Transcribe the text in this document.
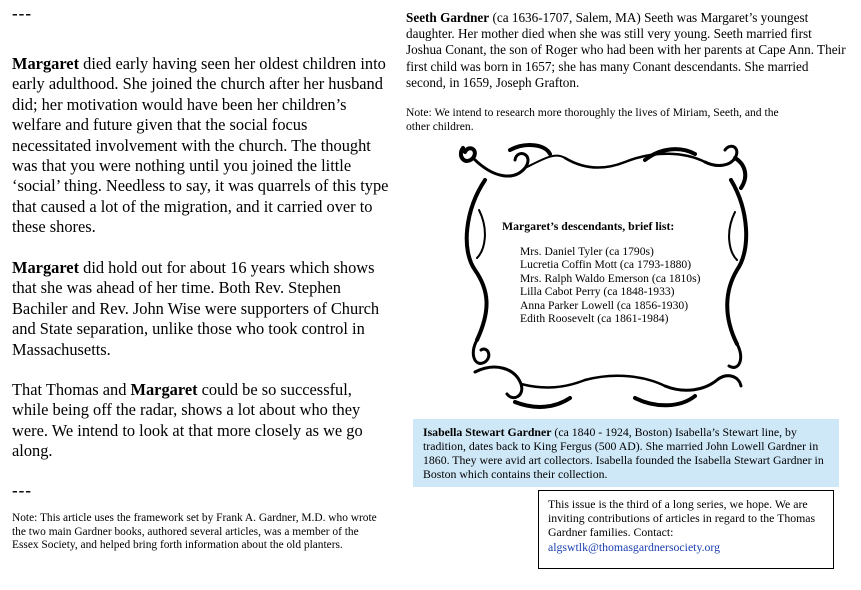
---
Margaret died early having seen her oldest children into early adulthood. She joined the church after her husband did; her motivation would have been her children’s welfare and future given that the social focus necessitated involvement with the church. The thought was that you were nothing until you joined the little ‘social’ thing. Needless to say, it was quarrels of this type that caused a lot of the migration, and it carried over to these shores.
Margaret did hold out for about 16 years which shows that she was ahead of her time. Both Rev. Stephen Bachiler and Rev. John Wise were supporters of Church and State separation, unlike those who took control in Massachusetts.
That Thomas and Margaret could be so successful, while being off the radar, shows a lot about who they were. We intend to look at that more closely as we go along.
---
Note: This article uses the framework set by Frank A. Gardner, M.D. who wrote the two main Gardner books, authored several articles, was a member of the Essex Society, and helped bring forth information about the old planters.
Seeth Gardner (ca 1636-1707, Salem, MA) Seeth was Margaret’s youngest daughter. Her mother died when she was still very young. Seeth married first Joshua Conant, the son of Roger who had been with her parents at Cape Ann. Their first child was born in 1657; she has many Conant descendants. She married second, in 1659, Joseph Grafton.
Note: We intend to research more thoroughly the lives of Miriam, Seeth, and the other children.
Margaret’s descendants, brief list:
Mrs. Daniel Tyler (ca 1790s)
Lucretia Coffin Mott (ca 1793-1880)
Mrs. Ralph Waldo Emerson (ca 1810s)
Lilla Cabot Perry (ca 1848-1933)
Anna Parker Lowell (ca 1856-1930)
Edith Roosevelt (ca 1861-1984)
Isabella Stewart Gardner (ca 1840 - 1924, Boston) Isabella’s Stewart line, by tradition, dates back to King Fergus (500 AD). She married John Lowell Gardner in 1860. They were avid art collectors. Isabella founded the Isabella Stewart Gardner in Boston which contains their collection.
This issue is the third of a long series, we hope. We are inviting contributions of articles in regard to the Thomas Gardner families. Contact:
algswtlk@thomasgardnersociety.org
